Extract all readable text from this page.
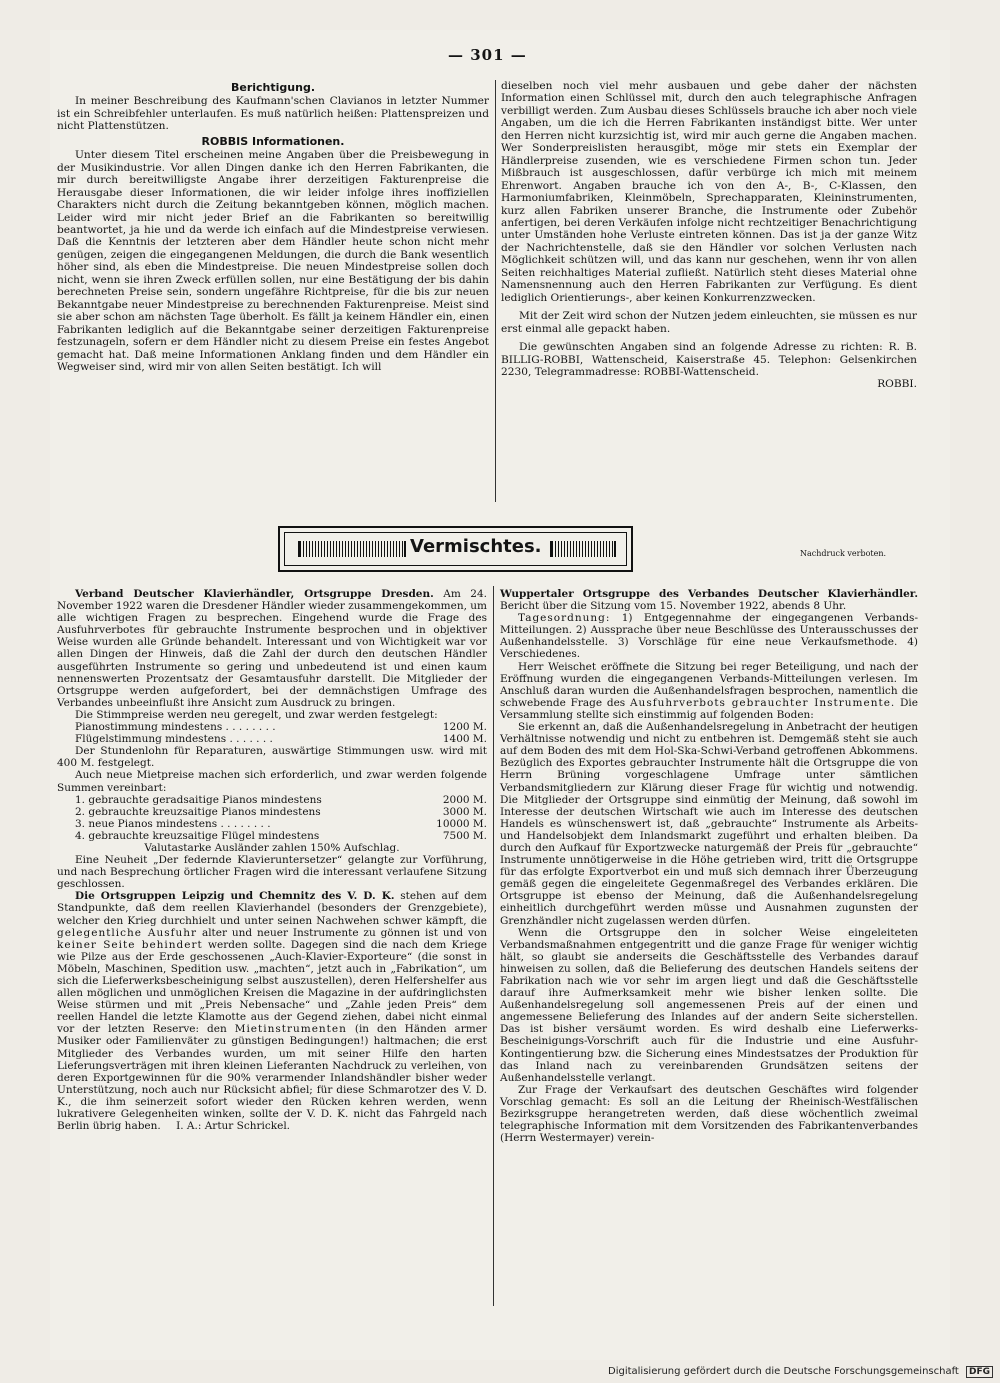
— 301 —
Berichtigung.

In meiner Beschreibung des Kaufmann'schen Clavianos in letzter Nummer ist ein Schreibfehler unterlaufen. Es muß natürlich heißen: Plattenspreizen und nicht Plattenstützen.

ROBBIS Informationen.

Unter diesem Titel erscheinen meine Angaben über die Preisbewegung in der Musikindustrie. Vor allen Dingen danke ich den Herren Fabrikanten, die mir durch bereitwilligste Angabe ihrer derzeitigen Fakturenpreise die Herausgabe dieser Informationen, die wir leider infolge ihres inoffiziellen Charakters nicht durch die Zeitung bekanntgeben können, möglich machen. Leider wird mir nicht jeder Brief an die Fabrikanten so bereitwillig beantwortet, ja hie und da werde ich einfach auf die Mindestpreise verwiesen. Daß die Kenntnis der letzteren aber dem Händler heute schon nicht mehr genügen, zeigen die eingegangenen Meldungen, die durch die Bank wesentlich höher sind, als eben die Mindestpreise. Die neuen Mindestpreise sollen doch nicht, wenn sie ihren Zweck erfüllen sollen, nur eine Bestätigung der bis dahin berechneten Preise sein, sondern ungefähre Richtpreise, für die bis zur neuen Bekanntgabe neuer Mindestpreise zu berechnenden Fakturenpreise. Meist sind sie aber schon am nächsten Tage überholt. Es fällt ja keinem Händler ein, einen Fabrikanten lediglich auf die Bekanntgabe seiner derzeitigen Fakturenpreise festzunageln, sofern er dem Händler nicht zu diesem Preise ein festes Angebot gemacht hat. Daß meine Informationen Anklang finden und dem Händler ein Wegweiser sind, wird mir von allen Seiten bestätigt. Ich will

dieselben noch viel mehr ausbauen und gebe daher der nächsten Information einen Schlüssel mit, durch den auch telegraphische Anfragen verbilligt werden. Zum Ausbau dieses Schlüssels brauche ich aber noch viele Angaben, um die ich die Herren Fabrikanten inständigst bitte. Wer unter den Herren nicht kurzsichtig ist, wird mir auch gerne die Angaben machen. Wer Sonderpreislisten herausgibt, möge mir stets ein Exemplar der Händlerpreise zusenden, wie es verschiedene Firmen schon tun. Jeder Mißbrauch ist ausgeschlossen, dafür verbürge ich mich mit meinem Ehrenwort. Angaben brauche ich von den A-, B-, C-Klassen, den Harmoniumfabriken, Kleinmöbeln, Sprechapparaten, Kleininstrumenten, kurz allen Fabriken unserer Branche, die Instrumente oder Zubehör anfertigen, bei deren Verkäufen infolge nicht rechtzeitiger Benachrichtigung unter Umständen hohe Verluste eintreten können. Das ist ja der ganze Witz der Nachrichtenstelle, daß sie den Händler vor solchen Verlusten nach Möglichkeit schützen will, und das kann nur geschehen, wenn ihr von allen Seiten reichhaltiges Material zufließt. Natürlich steht dieses Material ohne Namensnennung auch den Herren Fabrikanten zur Verfügung. Es dient lediglich Orientierungs-, aber keinen Konkurrenzzwecken.

Mit der Zeit wird schon der Nutzen jedem einleuchten, sie müssen es nur erst einmal alle gepackt haben.

Die gewünschten Angaben sind an folgende Adresse zu richten: R. B. BILLIG-ROBBI, Wattenscheid, Kaiserstraße 45. Telephon: Gelsenkirchen 2230, Telegrammadresse: ROBBI-Wattenscheid.

ROBBI.

Vermischtes.	Nachdruck verboten.

Verband Deutscher Klavierhändler, Ortsgruppe Dresden. Am 24. November 1922 waren die Dresdener Händler wieder zusammengekommen, um alle wichtigen Fragen zu besprechen. Eingehend wurde die Frage des Ausfuhrverbotes für gebrauchte Instrumente besprochen und in objektiver Weise wurden alle Gründe behandelt. Interessant und von Wichtigkeit war vor allen Dingen der Hinweis, daß die Zahl der durch den deutschen Händler ausgeführten Instrumente so gering und unbedeutend ist und einen kaum nennenswerten Prozentsatz der Gesamtausfuhr darstellt. Die Mitglieder der Ortsgruppe werden aufgefordert, bei der demnächstigen Umfrage des Verbandes unbeeinflußt ihre Ansicht zum Ausdruck zu bringen.

Die Stimmpreise werden neu geregelt, und zwar werden festgelegt:

Pianostimmung mindestens . . . . . . . .	1200 M.
Flügelstimmung mindestens . . . . . . .	1400 M.

Der Stundenlohn für Reparaturen, auswärtige Stimmungen usw. wird mit 400 M. festgelegt.

Auch neue Mietpreise machen sich erforderlich, und zwar werden folgende Summen vereinbart:

1. gebrauchte geradsaitige Pianos mindestens	2000 M.
2. gebrauchte kreuzsaitige Pianos mindestens	3000 M.
3. neue Pianos mindestens . . . . . . . .	10000 M.
4. gebrauchte kreuzsaitige Flügel mindestens	7500 M.
Valutastarke Ausländer zahlen 150% Aufschlag.

Eine Neuheit „Der federnde Klavieruntersetzer“ gelangte zur Vorführung, und nach Besprechung örtlicher Fragen wird die interessant verlaufene Sitzung geschlossen.

Die Ortsgruppen Leipzig und Chemnitz des V. D. K. stehen auf dem Standpunkte, daß dem reellen Klavierhandel (besonders der Grenzgebiete), welcher den Krieg durchhielt und unter seinen Nachwehen schwer kämpft, die gelegentliche Ausfuhr alter und neuer Instrumente zu gönnen ist und von keiner Seite behindert werden sollte. Dagegen sind die nach dem Kriege wie Pilze aus der Erde geschossenen „Auch-Klavier-Exporteure“ (die sonst in Möbeln, Maschinen, Spedition usw. „machten“, jetzt auch in „Fabrikation“, um sich die Lieferwerksbescheinigung selbst auszustellen), deren Helfershelfer aus allen möglichen und unmöglichen Kreisen die Magazine in der aufdringlichsten Weise stürmen und mit „Preis Nebensache“ und „Zahle jeden Preis“ dem reellen Handel die letzte Klamotte aus der Gegend ziehen, dabei nicht einmal vor der letzten Reserve: den Mietinstrumenten (in den Händen armer Musiker oder Familienväter zu günstigen Bedingungen!) haltmachen; die erst Mitglieder des Verbandes wurden, um mit seiner Hilfe den harten Lieferungsverträgen mit ihren kleinen Lieferanten Nachdruck zu verleihen, von deren Exportgewinnen für die 90% verarmender Inlandshändler bisher weder Unterstützung, noch auch nur Rücksicht abfiel; für diese Schmarotzer des V. D. K., die ihm seinerzeit sofort wieder den Rücken kehren werden, wenn lukrativere Gelegenheiten winken, sollte der V. D. K. nicht das Fahrgeld nach Berlin übrig haben. I. A.: Artur Schrickel.

Wuppertaler Ortsgruppe des Verbandes Deutscher Klavierhändler. Bericht über die Sitzung vom 15. November 1922, abends 8 Uhr.

Tagesordnung: 1) Entgegennahme der eingegangenen Verbands-Mitteilungen. 2) Aussprache über neue Beschlüsse des Unterausschusses der Außenhandelsstelle. 3) Vorschläge für eine neue Verkaufsmethode. 4) Verschiedenes.

Herr Weischet eröffnete die Sitzung bei reger Beteiligung, und nach der Eröffnung wurden die eingegangenen Verbands-Mitteilungen verlesen. Im Anschluß daran wurden die Außenhandelsfragen besprochen, namentlich die schwebende Frage des Ausfuhrverbots gebrauchter Instrumente. Die Versammlung stellte sich einstimmig auf folgenden Boden:

Sie erkennt an, daß die Außenhandelsregelung in Anbetracht der heutigen Verhältnisse notwendig und nicht zu entbehren ist. Demgemäß steht sie auch auf dem Boden des mit dem Hol-Ska-Schwi-Verband getroffenen Abkommens. Bezüglich des Exportes gebrauchter Instrumente hält die Ortsgruppe die von Herrn Brüning vorgeschlagene Umfrage unter sämtlichen Verbandsmitgliedern zur Klärung dieser Frage für wichtig und notwendig. Die Mitglieder der Ortsgruppe sind einmütig der Meinung, daß sowohl im Interesse der deutschen Wirtschaft wie auch im Interesse des deutschen Handels es wünschenswert ist, daß „gebrauchte“ Instrumente als Arbeits- und Handelsobjekt dem Inlandsmarkt zugeführt und erhalten bleiben. Da durch den Aufkauf für Exportzwecke naturgemäß der Preis für „gebrauchte“ Instrumente unnötigerweise in die Höhe getrieben wird, tritt die Ortsgruppe für das erfolgte Exportverbot ein und muß sich demnach ihrer Überzeugung gemäß gegen die eingeleitete Gegenmaßregel des Verbandes erklären. Die Ortsgruppe ist ebenso der Meinung, daß die Außenhandelsregelung einheitlich durchgeführt werden müsse und Ausnahmen zugunsten der Grenzhändler nicht zugelassen werden dürfen.

Wenn die Ortsgruppe den in solcher Weise eingeleiteten Verbandsmaßnahmen entgegentritt und die ganze Frage für weniger wichtig hält, so glaubt sie anderseits die Geschäftsstelle des Verbandes darauf hinweisen zu sollen, daß die Belieferung des deutschen Handels seitens der Fabrikation nach wie vor sehr im argen liegt und daß die Geschäftsstelle darauf ihre Aufmerksamkeit mehr wie bisher lenken sollte. Die Außenhandelsregelung soll angemessenen Preis auf der einen und angemessene Belieferung des Inlandes auf der andern Seite sicherstellen. Das ist bisher versäumt worden. Es wird deshalb eine Lieferwerks-Bescheinigungs-Vorschrift auch für die Industrie und eine Ausfuhr-Kontingentierung bzw. die Sicherung eines Mindestsatzes der Produktion für das Inland nach zu vereinbarenden Grundsätzen seitens der Außenhandelsstelle verlangt.

Zur Frage der Verkaufsart des deutschen Geschäftes wird folgender Vorschlag gemacht: Es soll an die Leitung der Rheinisch-Westfälischen Bezirksgruppe herangetreten werden, daß diese wöchentlich zweimal telegraphische Information mit dem Vorsitzenden des Fabrikantenverbandes (Herrn Westermayer) verein-

Digitalisierung gefördert durch die Deutsche Forschungsgemeinschaft DFG
